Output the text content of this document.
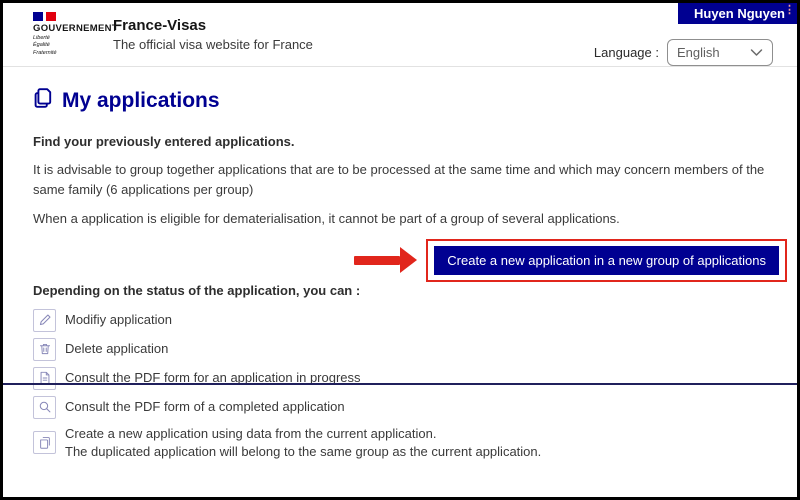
GOUVERNEMENT
Liberté
Égalité
Fraternité
France-Visas
The official visa website for France
Huyen Nguyen ⋮
Language : English
My applications

Find your previously entered applications.

It is advisable to group together applications that are to be processed at the same time and which may concern members of the same family (6 applications per group)

When a application is eligible for dematerialisation, it cannot be part of a group of several applications.

Create a new application in a new group of applications

Depending on the status of the application, you can :

Modifiy application
Delete application
Consult the PDF form for an application in progress
Consult the PDF form of a completed application
Create a new application using data from the current application.
The duplicated application will belong to the same group as the current application.
